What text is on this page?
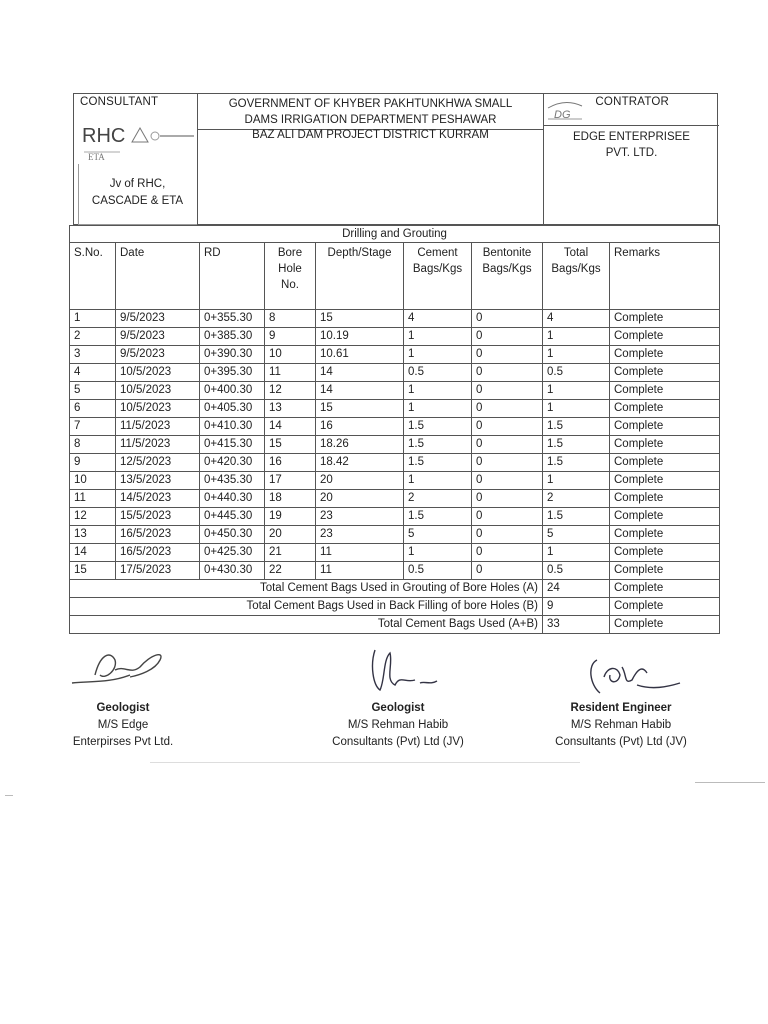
CONSULTANT
RHC
ETA
Jv of RHC,
CASCADE & ETA
GOVERNMENT OF KHYBER PAKHTUNKHWA SMALL
DAMS IRRIGATION DEPARTMENT PESHAWAR
BAZ ALI DAM PROJECT DISTRICT KURRAM
DG
CONTRATOR
EDGE ENTERPRISEE
PVT. LTD.
Drilling and Grouting								
S.No.	Date	RD	Bore Hole No.	Depth/Stage	Cement Bags/Kgs	Bentonite Bags/Kgs	Total Bags/Kgs	Remarks
1	9/5/2023	0+355.30	8	15	4	0	4	Complete
2	9/5/2023	0+385.30	9	10.19	1	0	1	Complete
3	9/5/2023	0+390.30	10	10.61	1	0	1	Complete
4	10/5/2023	0+395.30	11	14	0.5	0	0.5	Complete
5	10/5/2023	0+400.30	12	14	1	0	1	Complete
6	10/5/2023	0+405.30	13	15	1	0	1	Complete
7	11/5/2023	0+410.30	14	16	1.5	0	1.5	Complete
8	11/5/2023	0+415.30	15	18.26	1.5	0	1.5	Complete
9	12/5/2023	0+420.30	16	18.42	1.5	0	1.5	Complete
10	13/5/2023	0+435.30	17	20	1	0	1	Complete
11	14/5/2023	0+440.30	18	20	2	0	2	Complete
12	15/5/2023	0+445.30	19	23	1.5	0	1.5	Complete
13	16/5/2023	0+450.30	20	23	5	0	5	Complete
14	16/5/2023	0+425.30	21	11	1	0	1	Complete
15	17/5/2023	0+430.30	22	11	0.5	0	0.5	Complete
Total Cement Bags Used in Grouting of Bore Holes (A)							24	Complete
Total Cement Bags Used in Back Filling of bore Holes (B)							9	Complete
Total Cement Bags Used (A+B)							33	Complete
Geologist
M/S Edge
Enterpirses Pvt Ltd.
Geologist
M/S Rehman Habib
Consultants (Pvt) Ltd (JV)
Resident Engineer
M/S Rehman Habib
Consultants (Pvt) Ltd (JV)
